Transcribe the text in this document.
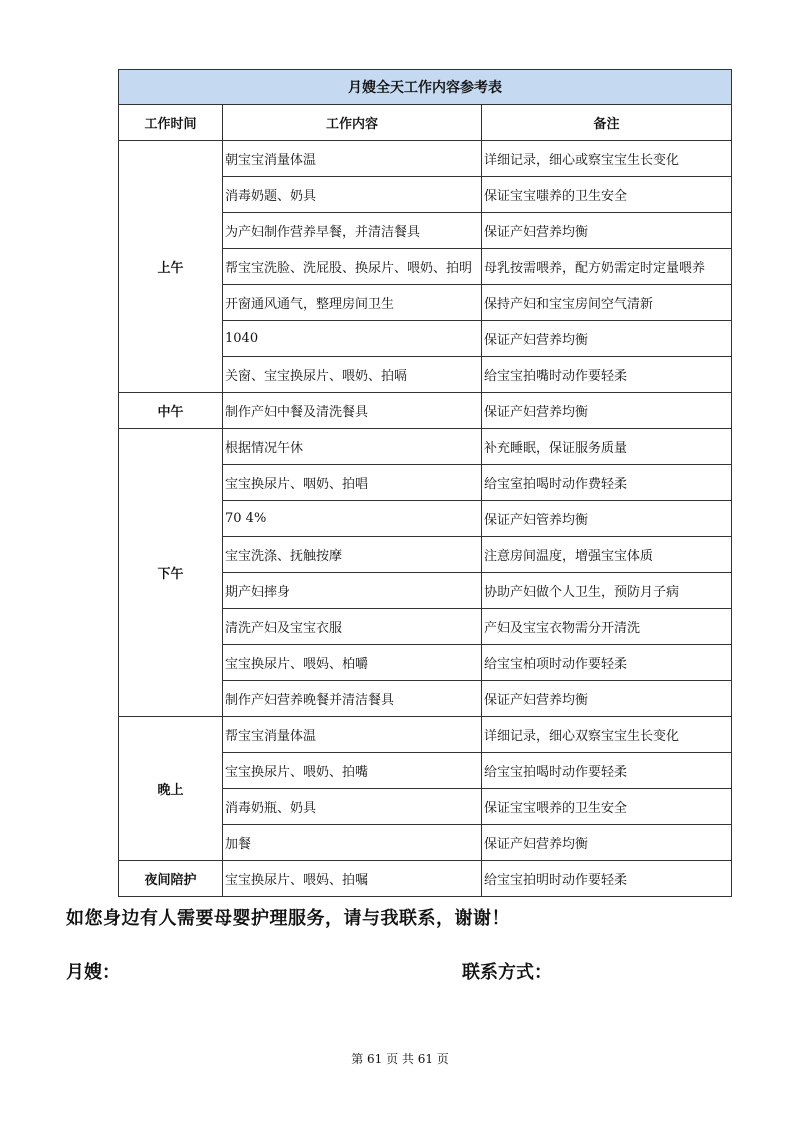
月嫂全天工作内容参考表		
工作时间	工作内容	备注
上午	朝宝宝消量体温	详细记录，细心或察宝宝生长变化
	消毒奶题、奶具	保证宝宝嗤养的卫生安全
	为产妇制作营养早餐，并清洁餐具	保证产妇营养均衡
	帮宝宝洗脸、洗屁股、换尿片、喂奶、拍明	母乳按需喂养，配方奶需定时定量喂养
	开窗通风通气，整理房间卫生	保持产妇和宝宝房间空气清新
	1040	保证产妇营养均衡
	关窗、宝宝换尿片、喂奶、拍嗝	给宝宝拍嘴时动作要轻柔
中午	制作产妇中餐及清洗餐具	保证产妇营养均衡
下午	根据情况午休	补充睡眠，保证服务质量
	宝宝换尿片、咽奶、拍唱	给宝室拍喝时动作费轻柔
	70 4%	保证产妇管养均衡
	宝宝洗涤、抚触按摩	注意房间温度，增强宝宝体质
	期产妇摔身	协助产妇做个人卫生，预防月子病
	清洗产妇及宝宝衣服	产妇及宝宝衣物需分开清洗
	宝宝换尿片、喂妈、柏嚼	给宝宝柏项时动作要轻柔
	制作产妇营养晚餐并清洁餐具	保证产妇营养均衡
晚上	帮宝宝消量体温	详细记录，细心双察宝宝生长变化
	宝宝换尿片、喂奶、拍嘴	给宝宝拍喝时动作要轻柔
	消毒奶瓶、奶具	保证宝宝喂养的卫生安全
	加餐	保证产妇营养均衡
夜间陪护	宝宝换尿片、喂妈、拍嘱	给宝宝拍明时动作要轻柔
如您身边有人需要母婴护理服务，请与我联系，谢谢！
月嫂：	联系方式：
第 61 页 共 61 页
